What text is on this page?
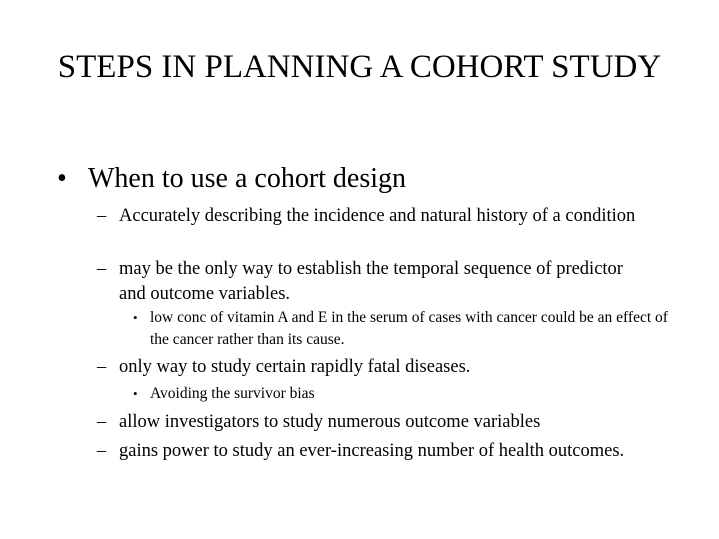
STEPS IN PLANNING A COHORT STUDY
• When to use a cohort design
– Accurately describing the incidence and natural history of a condition
– may be the only way to establish the temporal sequence of predictor and outcome variables.
• low conc of vitamin A and E in the serum of cases with cancer could be an effect of the cancer rather than its cause.
– only way to study certain rapidly fatal diseases.
• Avoiding the survivor bias
– allow investigators to study numerous outcome variables
– gains power to study an ever-increasing number of health outcomes.
